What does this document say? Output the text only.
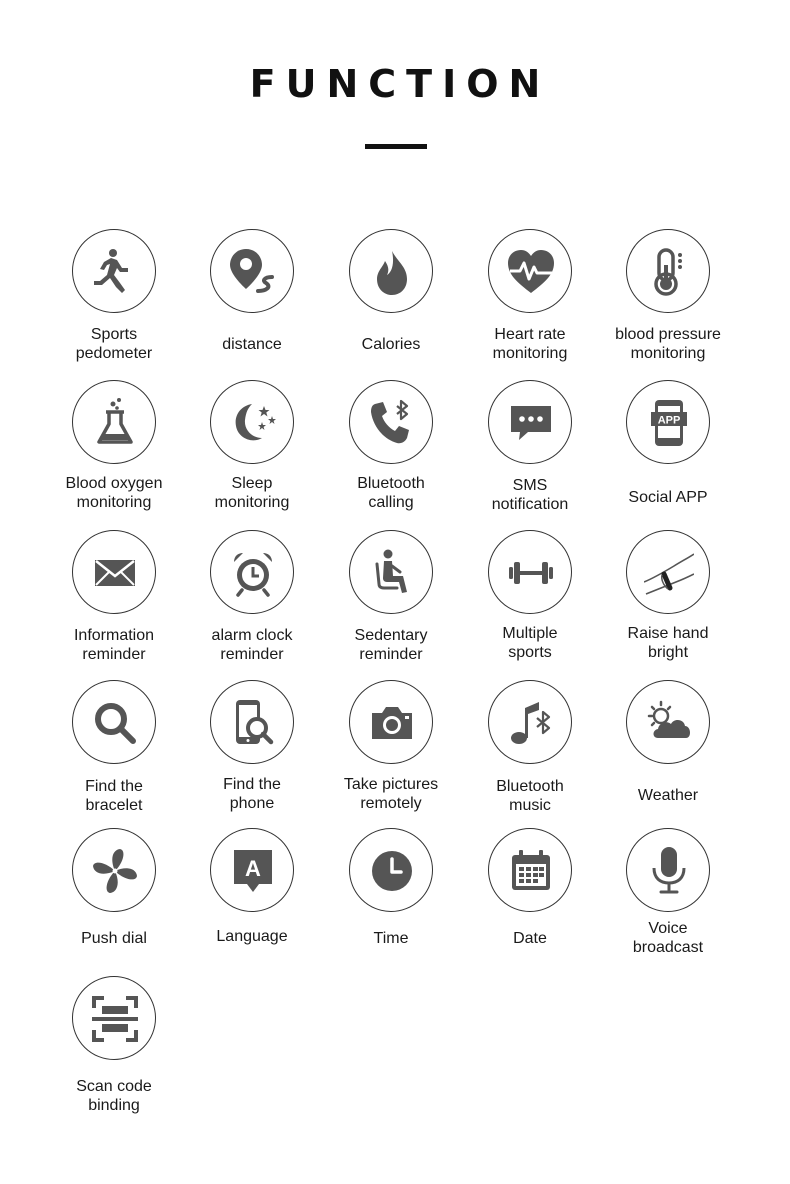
FUNCTION
Sports
pedometer
distance	Calories
Heart rate
monitoring
blood pressure
monitoring
Blood oxygen
monitoring
Sleep
monitoring
Bluetooth
calling
SMS
notification
APP
Social APP
Information
reminder
alarm clock
reminder
Sedentary
reminder
Multiple
sports
Raise hand
bright
Find the
bracelet
Find the
phone
Take pictures
remotely
Bluetooth
music
Weather
Push dial
A
Language	Time	Date
Voice
broadcast
Scan code
binding
